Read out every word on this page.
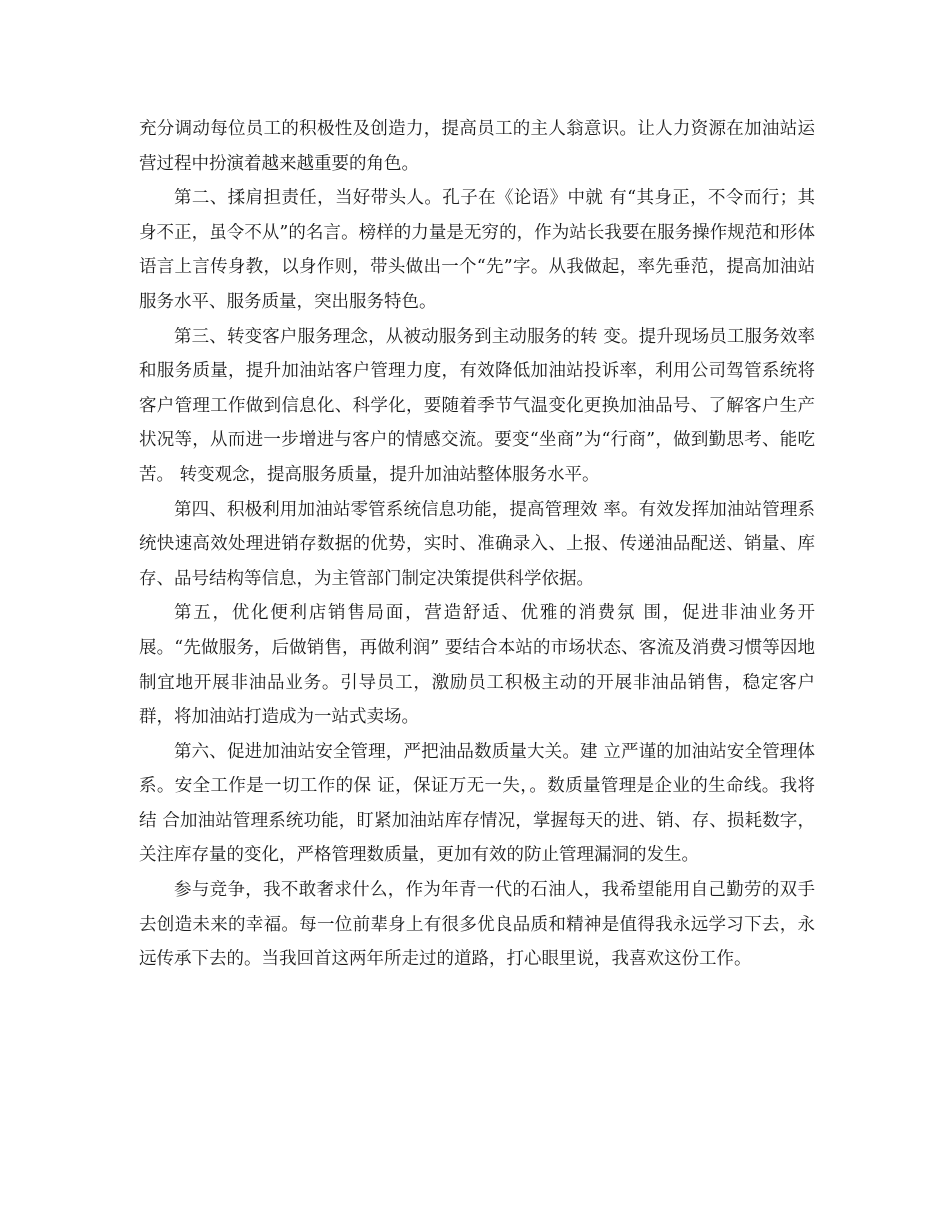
充分调动每位员工的积极性及创造力，提高员工的主人翁意识。让人力资源在加油站运营过程中扮演着越来越重要的角色。

第二、揉肩担责任，当好带头人。孔子在《论语》中就 有“其身正，不令而行；其身不正，虽令不从”的名言。榜样的力量是无穷的，作为站长我要在服务操作规范和形体语言上言传身教，以身作则，带头做出一个“先”字。从我做起，率先垂范，提高加油站服务水平、服务质量，突出服务特色。

第三、转变客户服务理念，从被动服务到主动服务的转 变。提升现场员工服务效率和服务质量，提升加油站客户管理力度，有效降低加油站投诉率，利用公司驾管系统将客户管理工作做到信息化、科学化，要随着季节气温变化更换加油品号、了解客户生产状况等，从而进一步增进与客户的情感交流。要变“坐商”为“行商”，做到勤思考、能吃苦。 转变观念，提高服务质量，提升加油站整体服务水平。

第四、积极利用加油站零管系统信息功能，提高管理效 率。有效发挥加油站管理系统快速高效处理进销存数据的优势，实时、准确录入、上报、传递油品配送、销量、库存、品号结构等信息，为主管部门制定决策提供科学依据。

第五，优化便利店销售局面，营造舒适、优雅的消费氛 围，促进非油业务开展。“先做服务，后做销售，再做利润” 要结合本站的市场状态、客流及消费习惯等因地制宜地开展非油品业务。引导员工，激励员工积极主动的开展非油品销售，稳定客户群，将加油站打造成为一站式卖场。

第六、促进加油站安全管理，严把油品数质量大关。建 立严谨的加油站安全管理体系。安全工作是一切工作的保 证，保证万无一失，。数质量管理是企业的生命线。我将结 合加油站管理系统功能，盯紧加油站库存情况，掌握每天的进、销、存、损耗数字，关注库存量的变化，严格管理数质量，更加有效的防止管理漏洞的发生。

参与竞争，我不敢奢求什么，作为年青一代的石油人，我希望能用自己勤劳的双手去创造未来的幸福。每一位前辈身上有很多优良品质和精神是值得我永远学习下去，永远传承下去的。当我回首这两年所走过的道路，打心眼里说，我喜欢这份工作。
